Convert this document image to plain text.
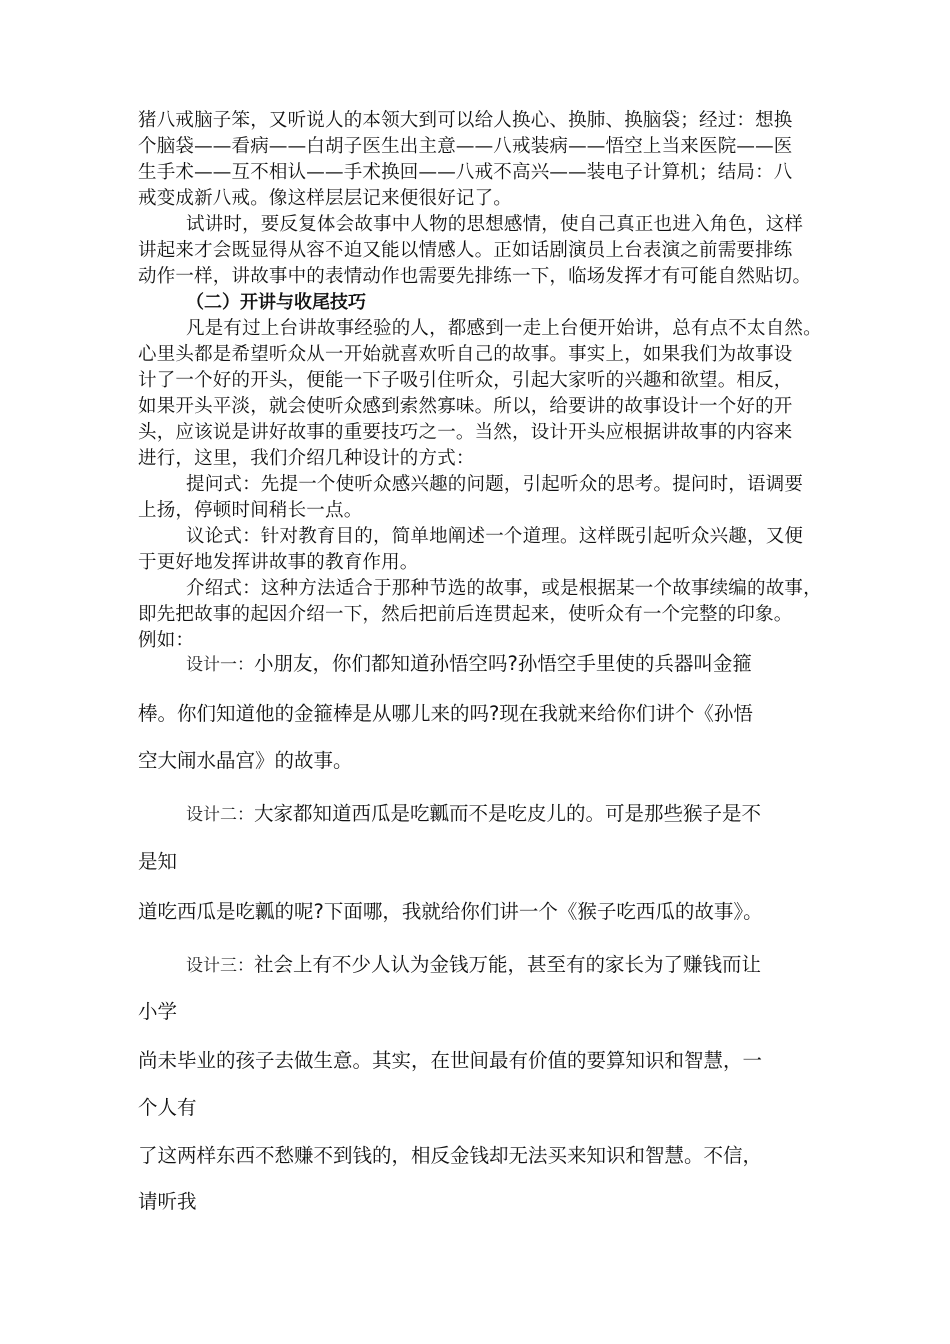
猪八戒脑子笨，又听说人的本领大到可以给人换心、换肺、换脑袋；经过：想换

个脑袋——看病——白胡子医生出主意——八戒装病——悟空上当来医院——医

生手术——互不相认——手术换回——八戒不高兴——装电子计算机；结局：八

戒变成新八戒。像这样层层记来便很好记了。

试讲时，要反复体会故事中人物的思想感情，使自己真正也进入角色，这样

讲起来才会既显得从容不迫又能以情感人。正如话剧演员上台表演之前需要排练

动作一样，讲故事中的表情动作也需要先排练一下，临场发挥才有可能自然贴切。

（二）开讲与收尾技巧

凡是有过上台讲故事经验的人，都感到一走上台便开始讲，总有点不太自然。

心里头都是希望听众从一开始就喜欢听自己的故事。事实上，如果我们为故事设

计了一个好的开头，便能一下子吸引住听众，引起大家听的兴趣和欲望。相反，

如果开头平淡，就会使听众感到索然寡味。所以，给要讲的故事设计一个好的开

头，应该说是讲好故事的重要技巧之一。当然，设计开头应根据讲故事的内容来

进行，这里，我们介绍几种设计的方式：

提问式：先提一个使听众感兴趣的问题，引起听众的思考。提问时，语调要

上扬，停顿时间稍长一点。

议论式：针对教育目的，简单地阐述一个道理。这样既引起听众兴趣，又便

于更好地发挥讲故事的教育作用。

介绍式：这种方法适合于那种节选的故事，或是根据某一个故事续编的故事，

即先把故事的起因介绍一下，然后把前后连贯起来，使听众有一个完整的印象。

例如：

设计一：小朋友，你们都知道孙悟空吗?孙悟空手里使的兵器叫金箍

棒。你们知道他的金箍棒是从哪儿来的吗?现在我就来给你们讲个《孙悟

空大闹水晶宫》的故事。

设计二：大家都知道西瓜是吃瓤而不是吃皮儿的。可是那些猴子是不

是知

道吃西瓜是吃瓤的呢?下面哪，我就给你们讲一个《猴子吃西瓜的故事》。

设计三：社会上有不少人认为金钱万能，甚至有的家长为了赚钱而让

小学

尚未毕业的孩子去做生意。其实，在世间最有价值的要算知识和智慧，一

个人有

了这两样东西不愁赚不到钱的，相反金钱却无法买来知识和智慧。不信，

请听我
